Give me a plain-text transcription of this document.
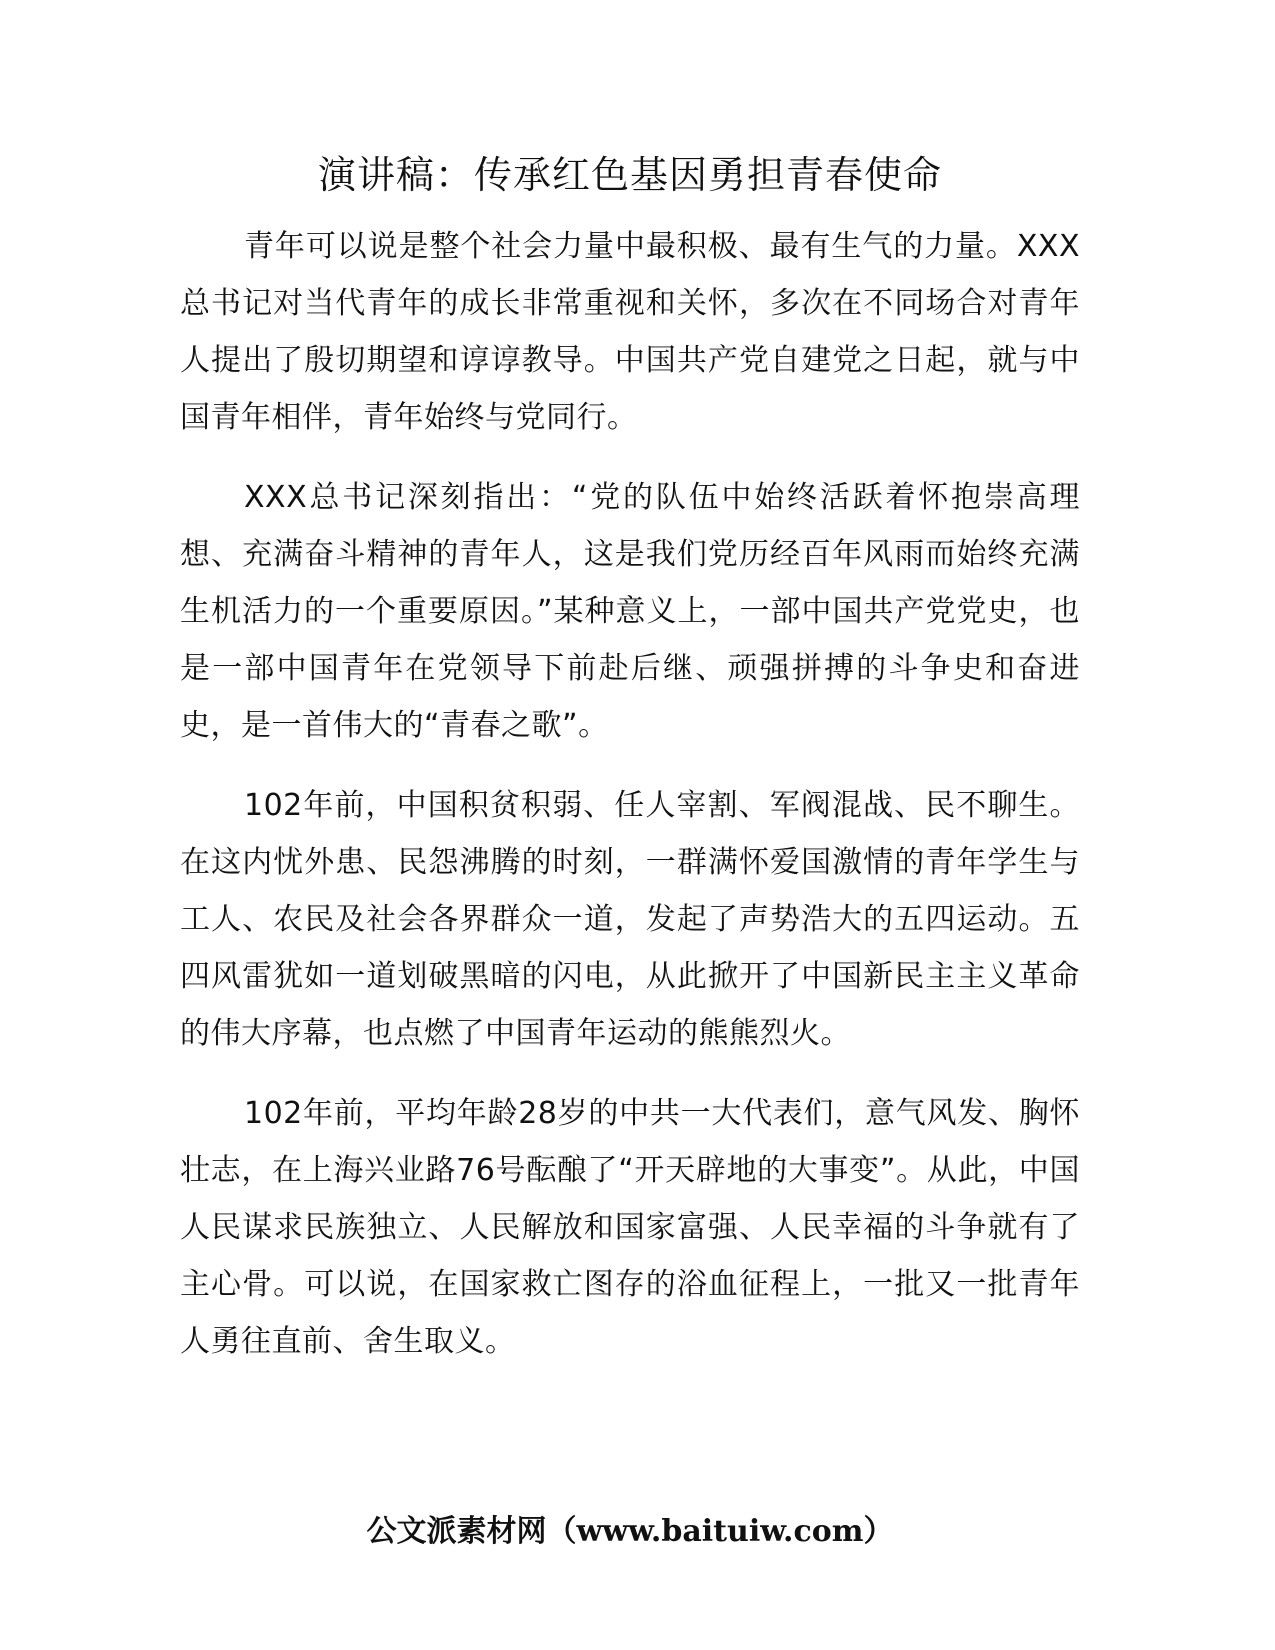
演讲稿：传承红色基因勇担青春使命

青年可以说是整个社会力量中最积极、最有生气的力量。XXX总书记对当代青年的成长非常重视和关怀，多次在不同场合对青年人提出了殷切期望和谆谆教导。中国共产党自建党之日起，就与中国青年相伴，青年始终与党同行。

XXX总书记深刻指出：“党的队伍中始终活跃着怀抱崇高理想、充满奋斗精神的青年人，这是我们党历经百年风雨而始终充满生机活力的一个重要原因。”某种意义上，一部中国共产党党史，也是一部中国青年在党领导下前赴后继、顽强拼搏的斗争史和奋进史，是一首伟大的“青春之歌”。

102年前，中国积贫积弱、任人宰割、军阀混战、民不聊生。在这内忧外患、民怨沸腾的时刻，一群满怀爱国激情的青年学生与工人、农民及社会各界群众一道，发起了声势浩大的五四运动。五四风雷犹如一道划破黑暗的闪电，从此掀开了中国新民主主义革命的伟大序幕，也点燃了中国青年运动的熊熊烈火。

102年前，平均年龄28岁的中共一大代表们，意气风发、胸怀壮志，在上海兴业路76号酝酿了“开天辟地的大事变”。从此，中国人民谋求民族独立、人民解放和国家富强、人民幸福的斗争就有了主心骨。可以说，在国家救亡图存的浴血征程上，一批又一批青年人勇往直前、舍生取义。

公文派素材网（www.baituiw.com）
